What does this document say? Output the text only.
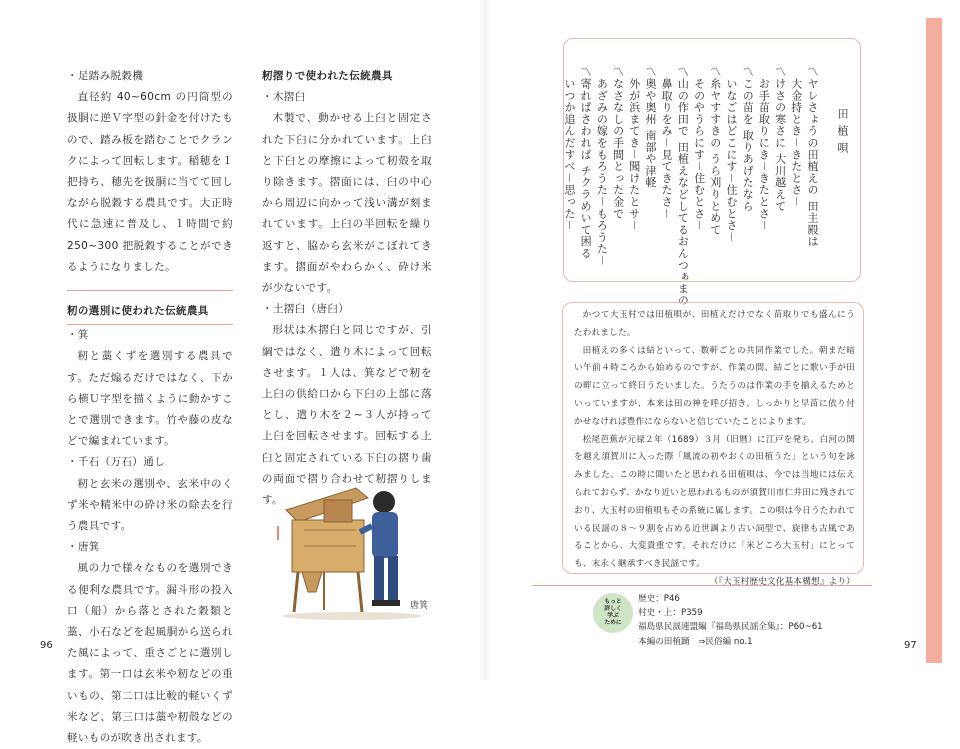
・足踏み脱穀機

直径約 40~60cm の円筒型の扱胴に逆Ｖ字型の針金を付けたもので、踏み板を踏むことでクランクによって回転します。稲穂を１把持ち、穂先を扱胴に当てて回しながら脱穀する農具です。大正時代に急速に普及し、１時間で約 250~300 把脱穀することができるようになりました。

籾の選別に使われた伝統農具
・箕

籾と藁くずを選別する農具です。ただ煽るだけではなく、下から横Ｕ字型を描くように動かすことで選別できます。竹や藤の皮などで編まれています。

・千石（万石）通し

籾と玄米の選別や、玄米中のくず米や精米中の砕け米の除去を行う農具です。

・唐箕

風の力で様々なものを選別できる便利な農具です。漏斗形の投入口（船）から落とされた穀類と藁、小石などを起風胴から送られた風によって、重さごとに選別します。第一口は玄米や籾などの重いもの、第二口は比較的軽いくず米など、第三口は藁や籾殻などの軽いものが吹き出されます。

籾摺りで使われた伝統農具
・木摺臼

木製で、動かせる上臼と固定された下臼に分かれています。上臼と下臼との摩擦によって籾殻を取り除きます。摺面には、臼の中心から周辺に向かって浅い溝が刻まれています。上臼の半回転を繰り返すと、脇から玄米がこぼれてきます。摺面がやわらかく、砕け米が少ないです。

・土摺臼（唐臼）

形状は木摺臼と同じですが、引綱ではなく、遣り木によって回転させます。１人は、箕などで籾を上臼の供給口から下臼の上部に落とし、遣り木を２~３人が持って上臼を回転させます。回転する上臼と固定されている下臼の摺り歯の両面で摺り合わせて籾摺りします。

唐箕
96
田植唄
〽ヤレさょうの田植えの 田主殿は
　大金持とき－きたとさ－
〽けさの寒さに 大川越えて
　お手苗取りにき－きたとさ－
〽この苗を 取りあげたなら
　いなごはどこにす－住むとさ－
〽糸ヤすすきの うら刈りとめて
　そのやうらにす－住むとさ－
〽山の作田で 田植えなどしてるおんつぁまの
　鼻取りをみ－見てきたさ－
〽奥や奥州 南部や津軽
　外が浜まてき－聞けたとサ－
〽なさなしの手間とった金で
　あざみの嫁をもろうた－もろうた－
〽寄れぱさわれば チクラめいて困る
　いつか追んだすべ－思った－

かつて大玉村では田植唄が、田植えだけでなく苗取りでも盛んにうたわれました。

田植えの多くは結といって、数軒ごとの共同作業でした。朝まだ暗い午前４時ころから始めるのですが、作業の間、結ごとに歌い手が田の畔に立って終日うたいました。うたうのは作業の手を揃えるためといっていますが、本来は田の神を呼び招き、しっかりと早苗に依り付かせなければ豊作にならないと信じていたことによります。

松尾芭蕉が元禄２年（1689）３月（旧暦）に江戸を発ち、白河の関を越え須賀川に入った際「風流の初やおくの田植うた」という句を詠みました。この時に聞いたと思われる田植唄は、今では当地には伝えられておらず、かなり近いと思われるものが須賀川市仁井田に残されており、大玉村の田植唄もその系統に属します。この唄は今日うたわれている民謡の８～９割を占める近世調より古い詞型で、旋律も古風であることから、大変貴重です。それだけに「米どころ大玉村」にとっても、末永く継承すべき民謡です。

（『大玉村歴史文化基本構想』より）

もっと
詳しく
学ぶ
ために
歴史：P46
村史・上：P359
福島県民謡連盟編『福島県民謡全集』：P60~61
本編の田植踊　⇒民俗編 no.1	97
